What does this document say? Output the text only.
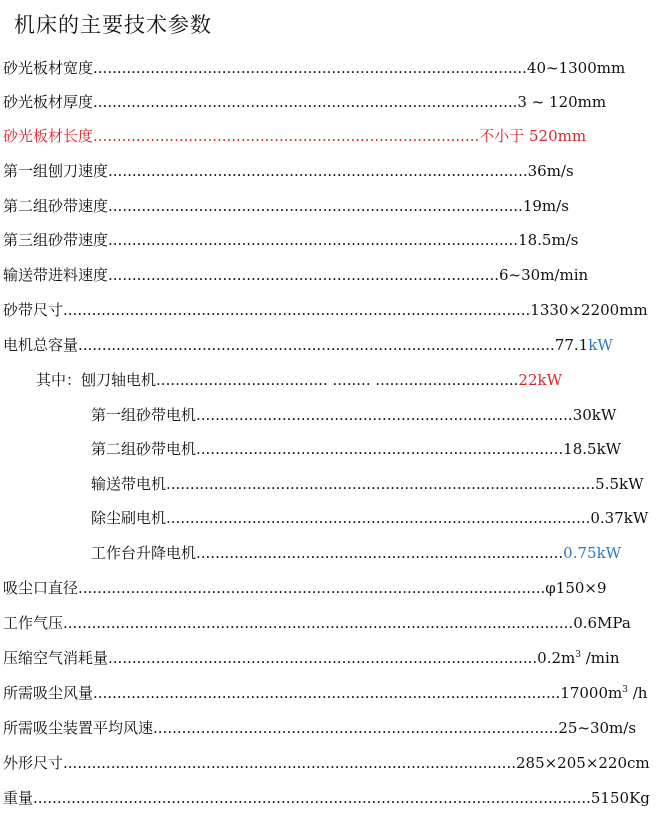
机床的主要技术参数
砂光板材宽度...........................................................................................40~1300mm
砂光板材厚度.........................................................................................3 ~ 120mm
砂光板材长度.................................................................................不小于 520mm
第一组刨刀速度........................................................................................36m/s
第二组砂带速度.......................................................................................19m/s
第三组砂带速度......................................................................................18.5m/s
输送带进料速度..................................................................................6~30m/min
砂带尺寸..................................................................................................1330×2200mm
电机总容量....................................................................................................77.1kW
其中：刨刀轴电机.................................... ........ ..............................22kW
第一组砂带电机...............................................................................30kW
第二组砂带电机.............................................................................18.5kW
输送带电机..........................................................................................5.5kW
除尘刷电机.........................................................................................0.37kW
工作台升降电机.............................................................................0.75kW
吸尘口直径..................................................................................................φ150×9
工作气压...........................................................................................................0.6MPa
压缩空气消耗量$..........................................................................................0.2m^3$ /min
所需吸尘风量$..................................................................................................17000m^3$ /h
所需吸尘装置平均风速.....................................................................................25~30m/s
外形尺寸...............................................................................................285×205×220cm
重量.....................................................................................................................5150Kg
